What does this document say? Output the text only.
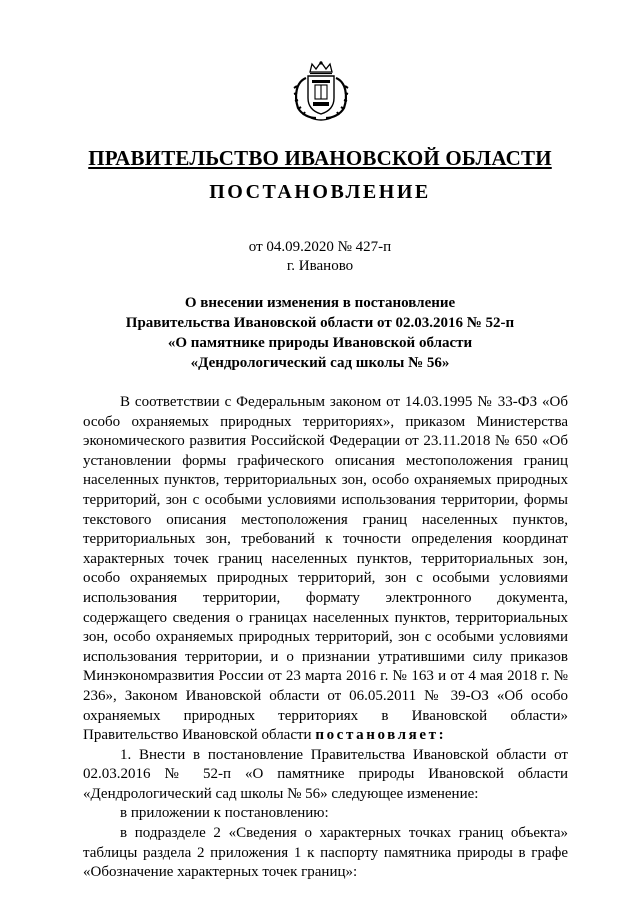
ПРАВИТЕЛЬСТВО ИВАНОВСКОЙ ОБЛАСТИ
ПОСТАНОВЛЕНИЕ
от 04.09.2020 № 427-п
г. Иваново
О внесении изменения в постановление
Правительства Ивановской области от 02.03.2016 № 52-п
«О памятнике природы Ивановской области
«Дендрологический сад школы № 56»

В соответствии с Федеральным законом от 14.03.1995 № 33-ФЗ «Об особо охраняемых природных территориях», приказом Министерства экономического развития Российской Федерации от 23.11.2018 № 650 «Об установлении формы графического описания местоположения границ населенных пунктов, территориальных зон, особо охраняемых природных территорий, зон с особыми условиями использования территории, формы текстового описания местоположения границ населенных пунктов, территориальных зон, требований к точности определения координат характерных точек границ населенных пунктов, территориальных зон, особо охраняемых природных территорий, зон с особыми условиями использования территории, формату электронного документа, содержащего сведения о границах населенных пунктов, территориальных зон, особо охраняемых природных территорий, зон с особыми условиями использования территории, и о признании утратившими силу приказов Минэкономразвития России от 23 марта 2016 г. № 163 и от 4 мая 2018 г. № 236», Законом Ивановской области от 06.05.2011 № 39-ОЗ «Об особо охраняемых природных территориях в Ивановской области» Правительство Ивановской области постановляет:

1. Внести в постановление Правительства Ивановской области от 02.03.2016 № 52-п «О памятнике природы Ивановской области «Дендрологический сад школы № 56» следующее изменение:

в приложении к постановлению:

в подразделе 2 «Сведения о характерных точках границ объекта» таблицы раздела 2 приложения 1 к паспорту памятника природы в графе «Обозначение характерных точек границ»:
